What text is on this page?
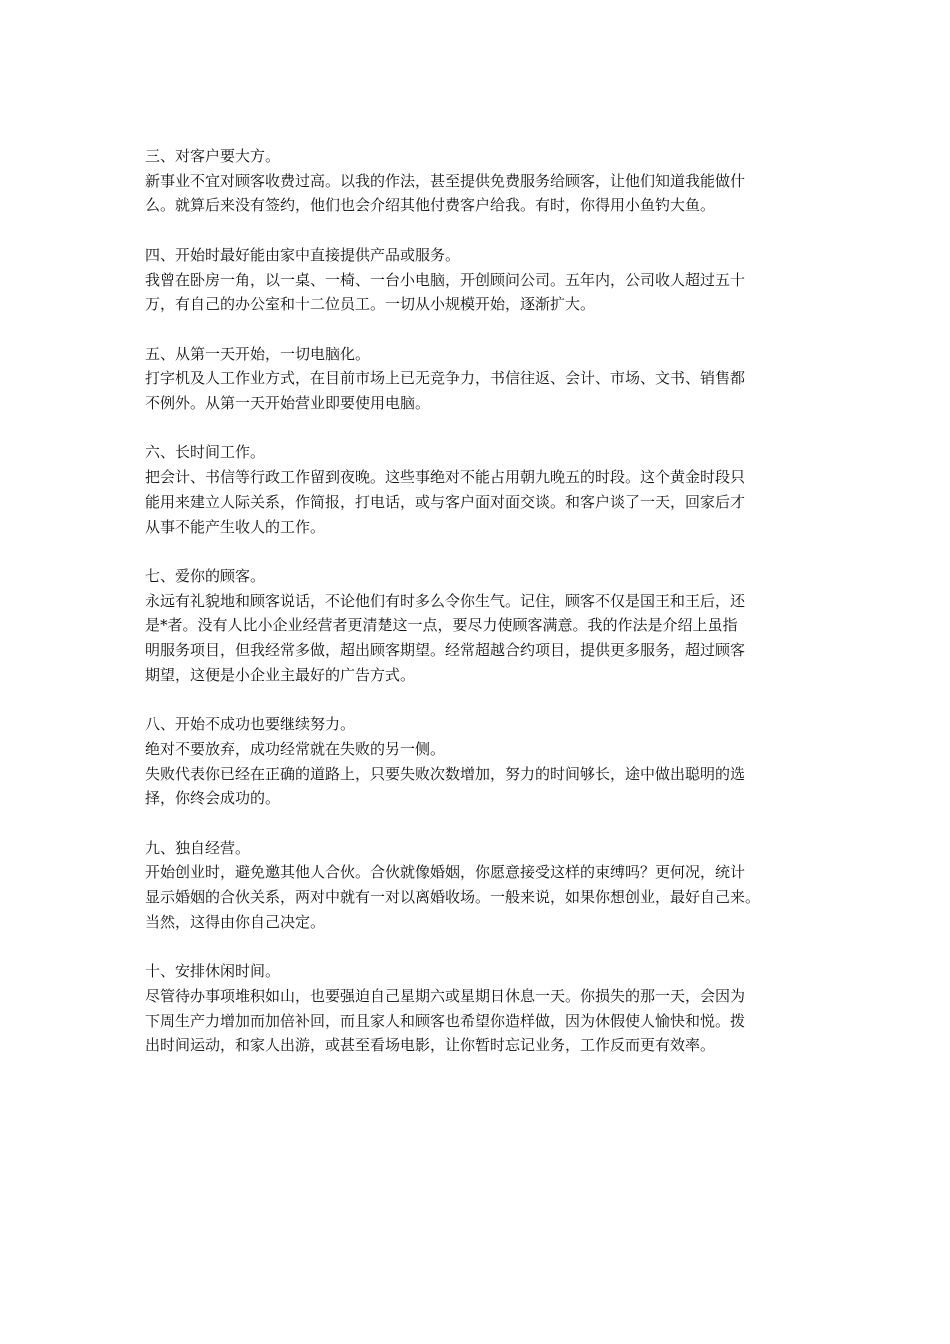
三、对客户要大方。
新事业不宜对顾客收费过高。以我的作法，甚至提供免费服务给顾客，让他们知道我能做什
么。就算后来没有签约，他们也会介绍其他付费客户给我。有时，你得用小鱼钓大鱼。
四、开始时最好能由家中直接提供产品或服务。
我曾在卧房一角，以一桌、一椅、一台小电脑，开创顾问公司。五年内，公司收人超过五十
万，有自己的办公室和十二位员工。一切从小规模开始，逐渐扩大。
五、从第一天开始，一切电脑化。
打字机及人工作业方式，在目前市场上已无竞争力，书信往返、会计、市场、文书、销售都
不例外。从第一天开始营业即要使用电脑。
六、长时间工作。
把会计、书信等行政工作留到夜晚。这些事绝对不能占用朝九晚五的时段。这个黄金时段只
能用来建立人际关系，作简报，打电话，或与客户面对面交谈。和客户谈了一天，回家后才
从事不能产生收人的工作。
七、爱你的顾客。
永远有礼貌地和顾客说话，不论他们有时多么令你生气。记住，顾客不仅是国王和王后，还
是*者。没有人比小企业经营者更清楚这一点，要尽力使顾客满意。我的作法是介绍上虽指
明服务项目，但我经常多做，超出顾客期望。经常超越合约项目，提供更多服务，超过顾客
期望，这便是小企业主最好的广告方式。
八、开始不成功也要继续努力。
绝对不要放弃，成功经常就在失败的另一侧。
失败代表你已经在正确的道路上，只要失败次数增加，努力的时间够长，途中做出聪明的选
择，你终会成功的。
九、独自经营。
开始创业时，避免邀其他人合伙。合伙就像婚姻，你愿意接受这样的束缚吗？更何况，统计
显示婚姻的合伙关系，两对中就有一对以离婚收场。一般来说，如果你想创业，最好自己来。
当然，这得由你自己决定。
十、安排休闲时间。
尽管待办事项堆积如山，也要强迫自己星期六或星期日休息一天。你损失的那一天，会因为
下周生产力增加而加倍补回，而且家人和顾客也希望你造样做，因为休假使人愉快和悦。拨
出时间运动，和家人出游，或甚至看场电影，让你暂时忘记业务，工作反而更有效率。
